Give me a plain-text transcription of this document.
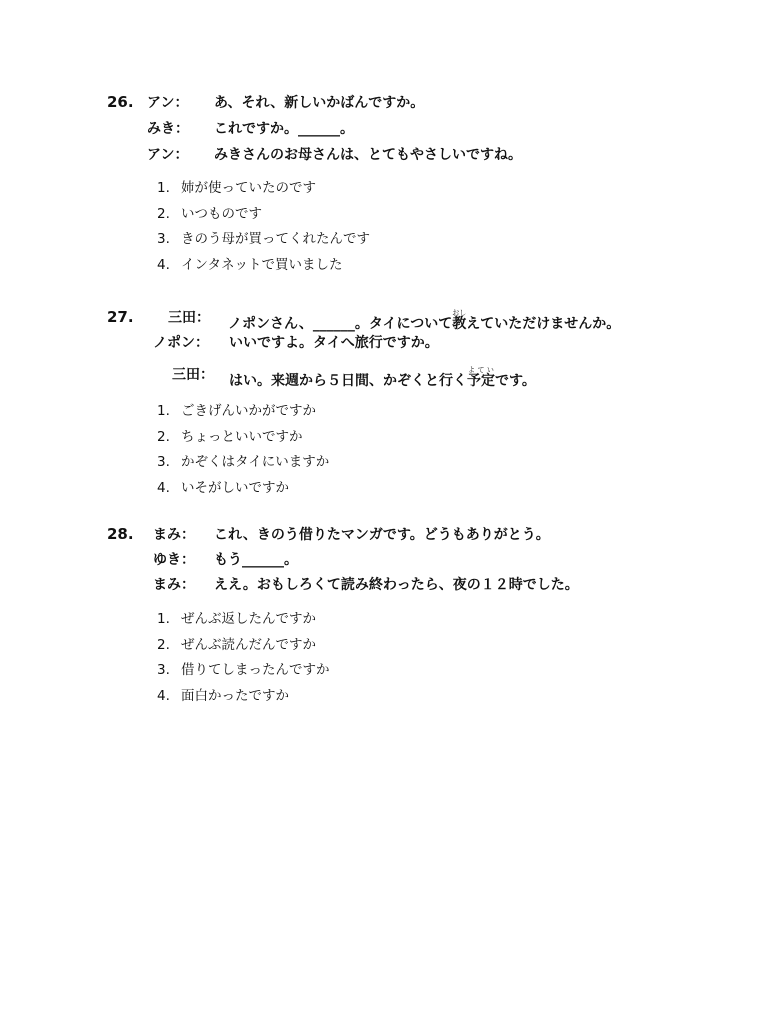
26. アン：	あ、それ、新しいかばんですか。
みき：	これですか。______。
アン：	みきさんのお母さんは、とてもやさしいですね。
1. 姉が使っていたのです
2. いつものです
3. きのう母が買ってくれたんです
4. インタネットで買いました
27. 三田：	ノポンさん、______。タイについて教おしえていただけませんか。
ノポン：	いいですよ。タイへ旅行ですか。
三田：	はい。来週から５日間、かぞくと行く予定よていです。
1. ごきげんいかがですか
2. ちょっといいですか
3. かぞくはタイにいますか
4. いそがしいですか
28. まみ：	これ、きのう借りたマンガです。どうもありがとう。
ゆき：	もう______。
まみ：	ええ。おもしろくて読み終わったら、夜の１２時でした。
1. ぜんぶ返したんですか
2. ぜんぶ読んだんですか
3. 借りてしまったんですか
4. 面白かったですか
